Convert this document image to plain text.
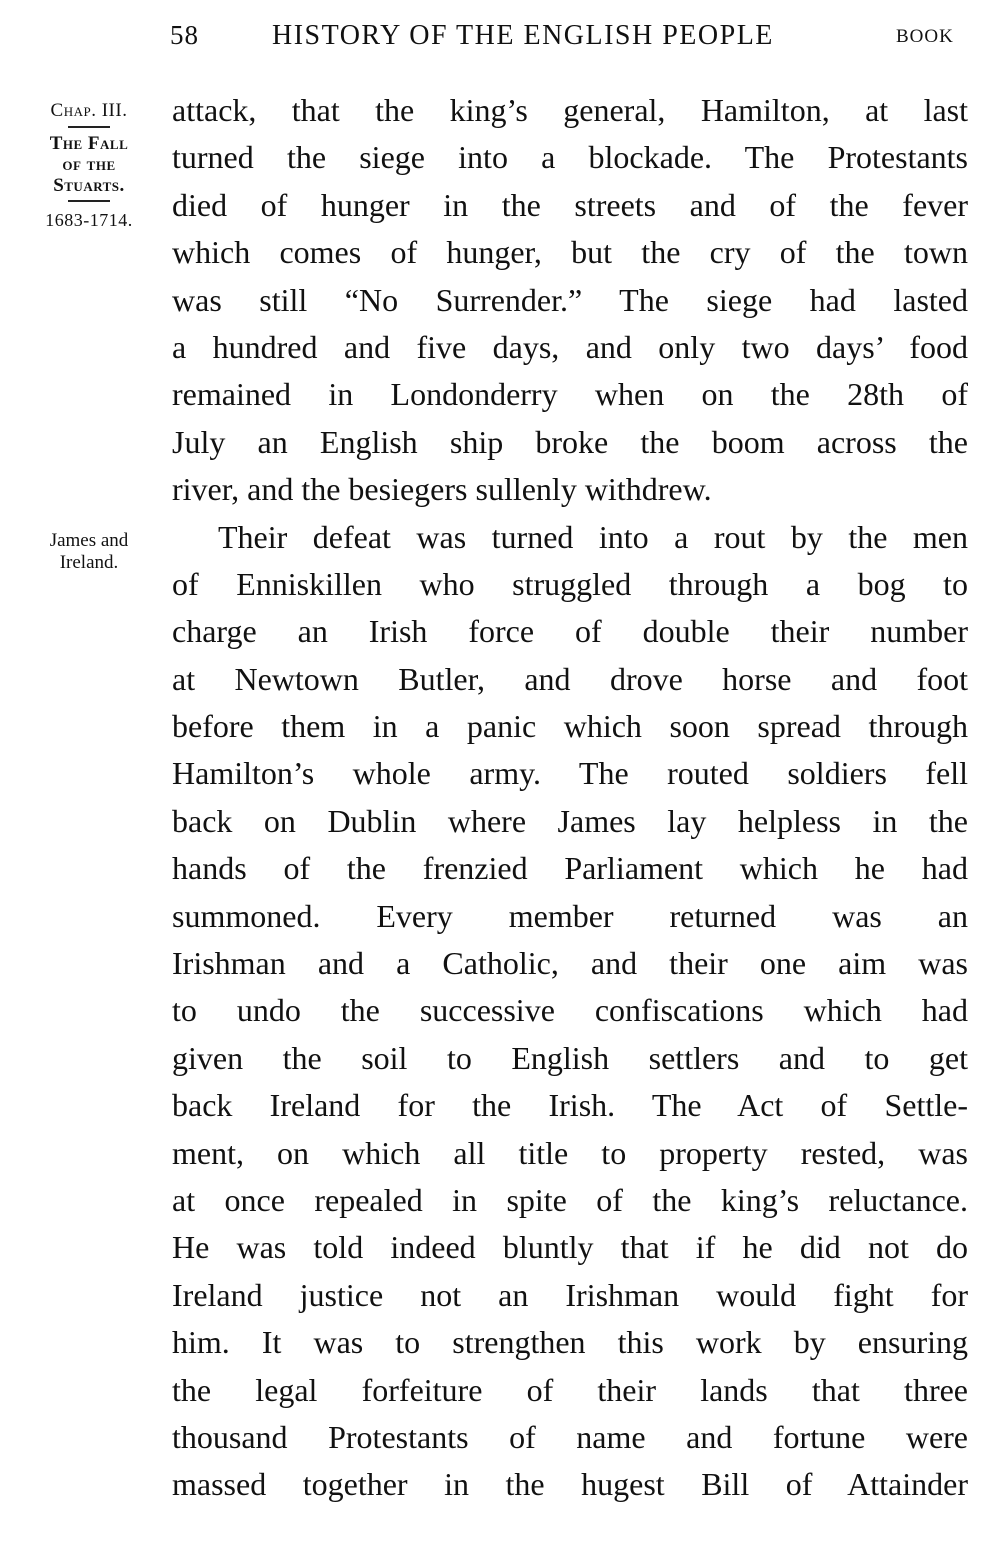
58	HISTORY OF THE ENGLISH PEOPLE	BOOK
Chap. III.
The Fall
of the
Stuarts.
1683-1714.
James and
Ireland.
attack, that the king’s general, Hamilton, at last
turned the siege into a blockade. The Protestants
died of hunger in the streets and of the fever
which comes of hunger, but the cry of the town
was still “No Surrender.” The siege had lasted
a hundred and five days, and only two days’ food
remained in Londonderry when on the 28th of
July an English ship broke the boom across the
river, and the besiegers sullenly withdrew.
Their defeat was turned into a rout by the men
of Enniskillen who struggled through a bog to
charge an Irish force of double their number
at Newtown Butler, and drove horse and foot
before them in a panic which soon spread through
Hamilton’s whole army. The routed soldiers fell
back on Dublin where James lay helpless in the
hands of the frenzied Parliament which he had
summoned. Every member returned was an
Irishman and a Catholic, and their one aim was
to undo the successive confiscations which had
given the soil to English settlers and to get
back Ireland for the Irish. The Act of Settle-
ment, on which all title to property rested, was
at once repealed in spite of the king’s reluctance.
He was told indeed bluntly that if he did not do
Ireland justice not an Irishman would fight for
him. It was to strengthen this work by ensuring
the legal forfeiture of their lands that three
thousand Protestants of name and fortune were
massed together in the hugest Bill of Attainder
